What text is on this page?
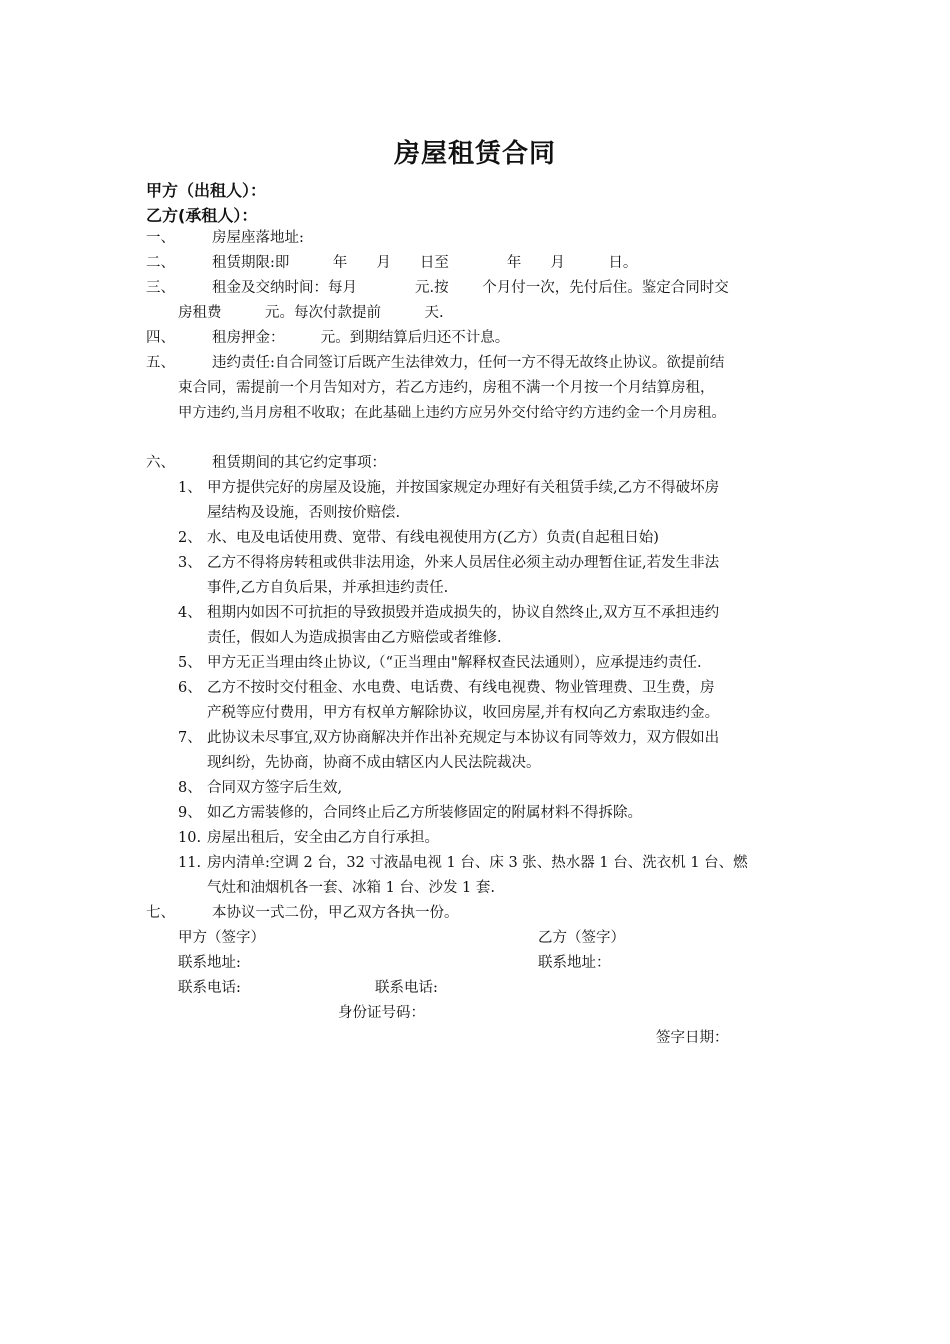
房屋租赁合同
甲方（出租人）：
乙方(承租人）：
一、	房屋座落地址:
二、	租赁期限:即　　　年　　月　　日至　　　　年　　月　　　日。
三、	租金及交纳时间：每月　　　　元.按　　 个月付一次，先付后住。鉴定合同时交
房租费　　　元。每次付款提前　　　天.
四、	租房押金：　　　元。到期结算后归还不计息。
五、	违约责任:自合同签订后既产生法律效力，任何一方不得无故终止协议。欲提前结
束合同，需提前一个月告知对方，若乙方违约，房租不满一个月按一个月结算房租，
甲方违约,当月房租不收取；在此基础上违约方应另外交付给守约方违约金一个月房租。
六、	租赁期间的其它约定事项：
1、 甲方提供完好的房屋及设施，并按国家规定办理好有关租赁手续,乙方不得破坏房
屋结构及设施，否则按价赔偿.
2、 水、电及电话使用费、宽带、有线电视使用方(乙方）负责(自起租日始)
3、 乙方不得将房转租或供非法用途，外来人员居住必须主动办理暂住证,若发生非法
事件,乙方自负后果，并承担违约责任.
4、 租期内如因不可抗拒的导致损毁并造成损失的，协议自然终止,双方互不承担违约
责任，假如人为造成损害由乙方赔偿或者维修.
5、 甲方无正当理由终止协议,（“正当理由"解释权查民法通则），应承提违约责任.
6、 乙方不按时交付租金、水电费、电话费、有线电视费、物业管理费、卫生费，房
产税等应付费用，甲方有权单方解除协议，收回房屋,并有权向乙方索取违约金。
7、 此协议未尽事宜,双方协商解决并作出补充规定与本协议有同等效力，双方假如出
现纠纷，先协商，协商不成由辖区内人民法院裁决。
8、 合同双方签字后生效,
9、 如乙方需装修的，合同终止后乙方所装修固定的附属材料不得拆除。
10. 房屋出租后，安全由乙方自行承担。
11. 房内清单:空调 2 台，32 寸液晶电视 1 台、床 3 张、热水器 1 台、洗衣机 1 台、燃
气灶和油烟机各一套、冰箱 1 台、沙发 1 套.
七、	本协议一式二份，甲乙双方各执一份。
甲方（签字）	乙方（签字）
联系地址:	联系地址：
联系电话:	联系电话:
身份证号码：
签字日期：
